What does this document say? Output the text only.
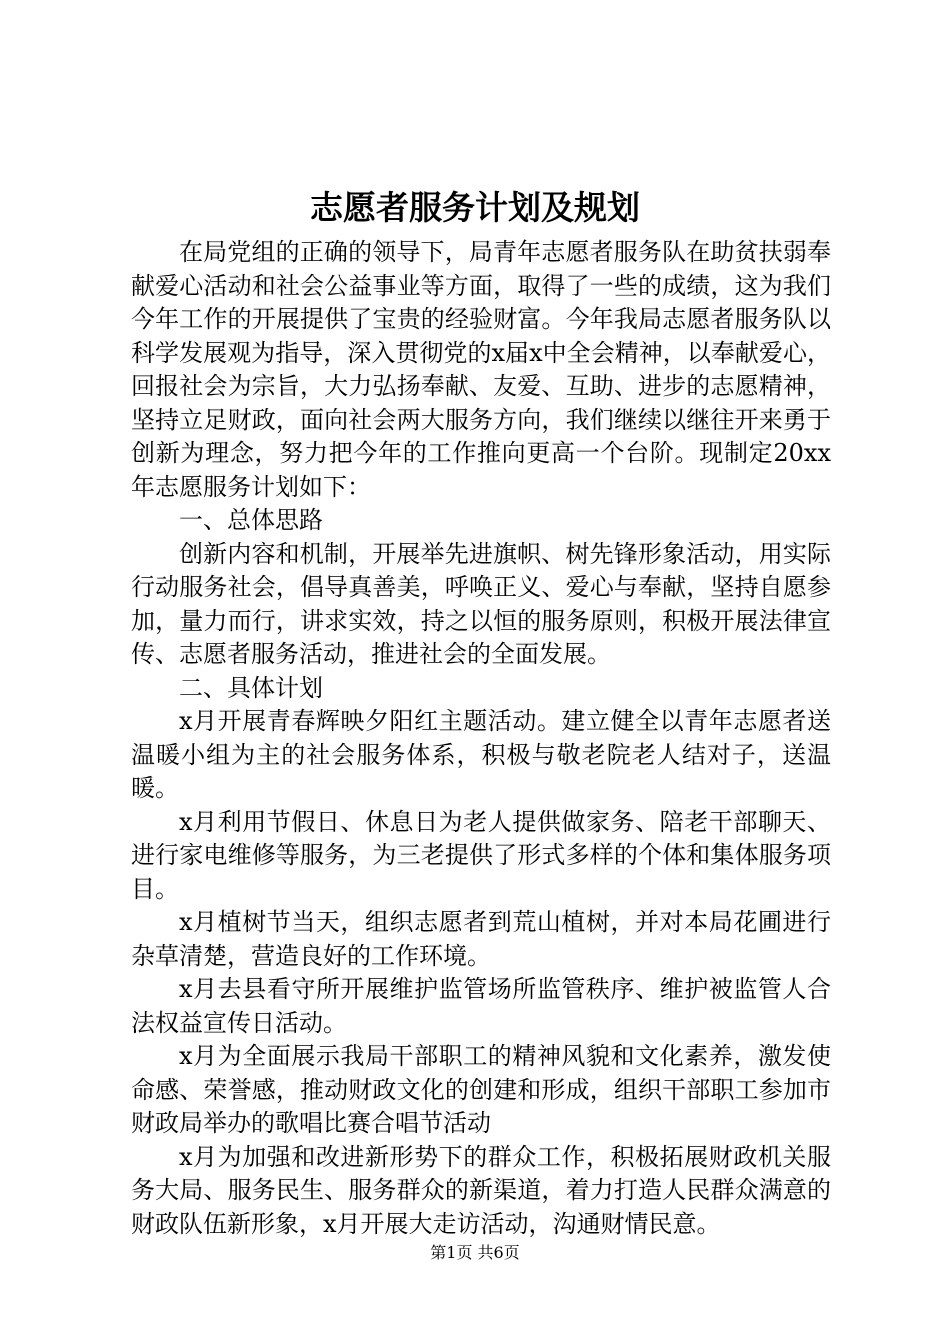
志愿者服务计划及规划

在局党组的正确的领导下，局青年志愿者服务队在助贫扶弱奉献爱心活动和社会公益事业等方面，取得了一些的成绩，这为我们今年工作的开展提供了宝贵的经验财富。今年我局志愿者服务队以科学发展观为指导，深入贯彻党的x届x中全会精神，以奉献爱心，回报社会为宗旨，大力弘扬奉献、友爱、互助、进步的志愿精神，坚持立足财政，面向社会两大服务方向，我们继续以继往开来勇于创新为理念，努力把今年的工作推向更高一个台阶。现制定20xx年志愿服务计划如下：

一、总体思路

创新内容和机制，开展举先进旗帜、树先锋形象活动，用实际行动服务社会，倡导真善美，呼唤正义、爱心与奉献，坚持自愿参加，量力而行，讲求实效，持之以恒的服务原则，积极开展法律宣传、志愿者服务活动，推进社会的全面发展。

二、具体计划

x月开展青春辉映夕阳红主题活动。建立健全以青年志愿者送温暖小组为主的社会服务体系，积极与敬老院老人结对子，送温暖。

x月利用节假日、休息日为老人提供做家务、陪老干部聊天、进行家电维修等服务，为三老提供了形式多样的个体和集体服务项目。

x月植树节当天，组织志愿者到荒山植树，并对本局花圃进行杂草清楚，营造良好的工作环境。

x月去县看守所开展维护监管场所监管秩序、维护被监管人合法权益宣传日活动。

x月为全面展示我局干部职工的精神风貌和文化素养，激发使命感、荣誉感，推动财政文化的创建和形成，组织干部职工参加市财政局举办的歌唱比赛合唱节活动

x月为加强和改进新形势下的群众工作，积极拓展财政机关服务大局、服务民生、服务群众的新渠道，着力打造人民群众满意的财政队伍新形象，x月开展大走访活动，沟通财情民意。

第1页 共6页
